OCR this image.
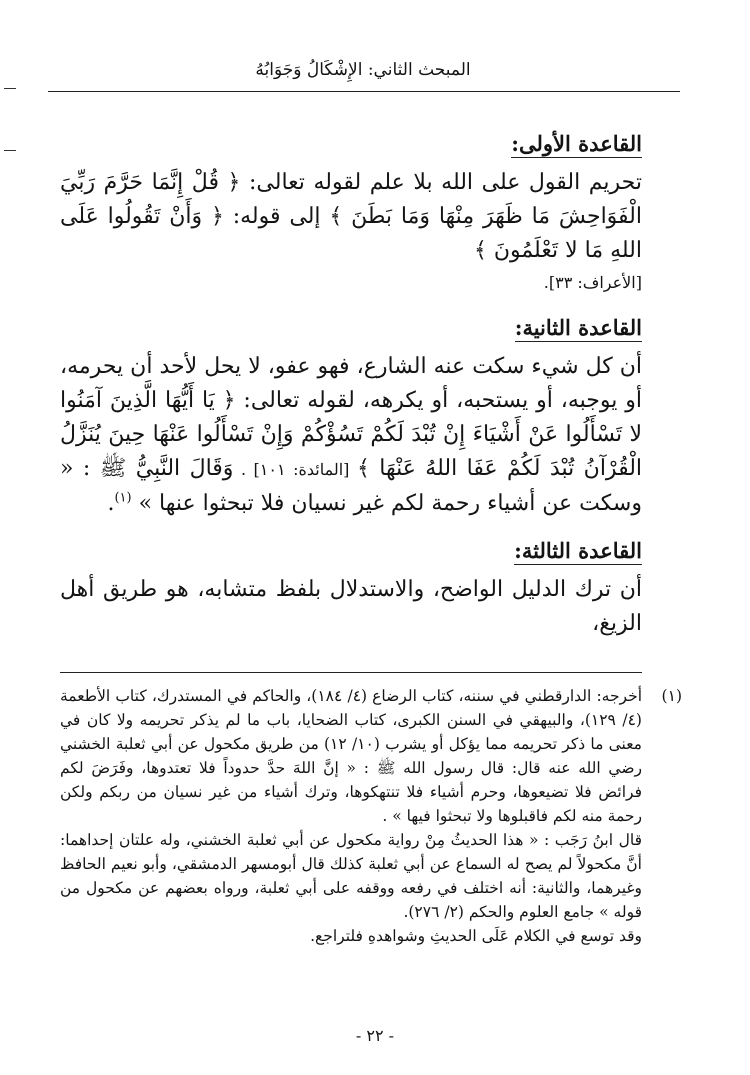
المبحث الثاني: الإِشْكَالُ وَجَوَابُهُ
القاعدة الأولى:
تحريم القول على الله بلا علم لقوله تعالى: ﴿ قُلْ إِنَّمَا حَرَّمَ رَبِّيَ الْفَوَاحِشَ مَا ظَهَرَ مِنْهَا وَمَا بَطَنَ ﴾ إلى قوله: ﴿ وَأَنْ تَقُولُوا عَلَى اللهِ مَا لا تَعْلَمُونَ ﴾
[الأعراف: ٣٣].
القاعدة الثانية:
أن كل شيء سكت عنه الشارع، فهو عفو، لا يحل لأحد أن يحرمه، أو يوجبه، أو يستحبه، أو يكرهه، لقوله تعالى: ﴿ يَا أَيُّهَا الَّذِينَ آمَنُوا لا تَسْأَلُوا عَنْ أَشْيَاءَ إِنْ تُبْدَ لَكُمْ تَسُؤْكُمْ وَإِنْ تَسْأَلُوا عَنْهَا حِينَ يُنَزَّلُ الْقُرْآنُ تُبْدَ لَكُمْ عَفَا اللهُ عَنْهَا ﴾ [المائدة: ١٠١] . وَقَالَ النَّبِيُّ ﷺ : « وسكت عن أشياء رحمة لكم غير نسيان فلا تبحثوا عنها » $^{(١)}$.
القاعدة الثالثة:
أن ترك الدليل الواضح، والاستدلال بلفظ متشابه، هو طريق أهل الزيغ،
(١)

أخرجه: الدارقطني في سننه، كتاب الرضاع (٤/ ١٨٤)، والحاكم في المستدرك، كتاب الأطعمة (٤/ ١٢٩)، والبيهقي في السنن الكبرى، كتاب الضحايا، باب ما لم يذكر تحريمه ولا كان في معنى ما ذكر تحريمه مما يؤكل أو يشرب (١٠/ ١٢) من طريق مكحول عن أبي ثعلبة الخشني رضي الله عنه قال: قال رسول الله ﷺ : « إنَّ اللهَ حدَّ حدوداً فلا تعتدوها، وفَرَضَ لكم فرائض فلا تضيعوها، وحرم أشياء فلا تنتهكوها، وترك أشياء من غير نسيان من ربكم ولكن رحمة منه لكم فاقبلوها ولا تبحثوا فيها » .

قال ابنُ رَجَب : « هذا الحديثُ مِنْ رواية مكحول عن أبي ثعلبة الخشني، وله علتان إحداهما: أنَّ مكحولاً لم يصح له السماع عن أبي ثعلبة كذلك قال أبومسهر الدمشقي، وأبو نعيم الحافظ وغيرهما، والثانية: أنه اختلف في رفعه ووقفه على أبي ثعلبة، ورواه بعضهم عن مكحول من قوله » جامع العلوم والحكم (٢/ ٢٧٦).

وقد توسع في الكلام عَلَى الحديثِ وشواهدهِ فلتراجع.

- ٢٢ -
